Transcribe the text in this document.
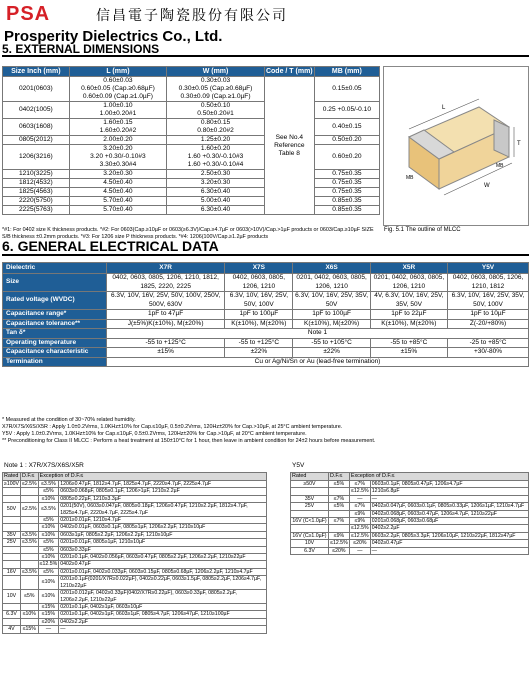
PSA	信昌電子陶瓷股份有限公司
Prosperity Dielectrics Co., Ltd.
5. EXTERNAL DIMENSIONS
Size Inch (mm)	L (mm)	W (mm)	Code / T (mm)	MB (mm)
0201(0603)	0.60±0.03
0.60±0.05 (Cap.≥0.68µF)
0.60±0.09 (Cap.≥1.0µF)	0.30±0.03
0.30±0.05 (Cap.≥0.68µF)
0.30±0.09 (Cap.≥1.0µF)	See No.4 Reference Table 8	0.15±0.05
0402(1005)	1.00±0.10
1.00±0.20#1	0.50±0.10
0.50±0.20#1		0.25 +0.05/-0.10
0603(1608)	1.60±0.15
1.60±0.20#2	0.80±0.15
0.80±0.20#2		0.40±0.15
0805(2012)	2.00±0.20	1.25±0.20		0.50±0.20
1206(3216)	3.20±0.20
3.20 +0.30/-0.10#3
3.30±0.30#4	1.60±0.20
1.60 +0.30/-0.10#3
1.60 +0.30/-0.10#4		0.60±0.20
1210(3225)	3.20±0.30	2.50±0.30		0.75±0.35
1812(4532)	4.50±0.40	3.20±0.30		0.75±0.35
1825(4563)	4.50±0.40	6.30±0.40		0.75±0.35
2220(5750)	5.70±0.40	5.00±0.40		0.85±0.35
2225(5763)	5.70±0.40	6.30±0.40		0.85±0.35
L
T
W
MB
MB
Fig. 5.1 The outline of MLCC
*#1: For 0402 size K thickness products. *#2: For 0603(Cap.≥10µF or 0603(≥6.3V)/Cap.≥4.7µF or 0603(>10V)/Cap.>1µF products or 0603/Cap.≥10µF SIZE S/B thickness ±0.2mm products. *#3: For 1206 size P thickness products. *#4: 1206(100V/Cap.≥1.2µF products
6. GENERAL ELECTRICAL DATA
Dielectric	X7R	X7S	X6S	X5R	Y5V
Size	0402, 0603, 0805, 1206, 1210, 1812, 1825, 2220, 2225	0402, 0603, 0805, 1206, 1210	0201, 0402, 0603, 0805, 1206, 1210	0201, 0402, 0603, 0805, 1206, 1210	0402, 0603, 0805, 1206, 1210, 1812
Rated voltage (WVDC)	6.3V, 10V, 16V, 25V, 50V, 100V, 250V, 500V, 630V	6.3V, 10V, 16V, 25V, 50V, 100V	6.3V, 10V, 16V, 25V, 35V, 50V	4V, 6.3V, 10V, 16V, 25V, 35V, 50V	6.3V, 10V, 16V, 25V, 35V, 50V, 100V
Capacitance range*	1pF to 47µF	1pF to 100µF	1pF to 100µF	1pF to 22µF	1pF to 10µF
Capacitance tolerance**	J(±5%)K(±10%), M(±20%)	K(±10%), M(±20%)	K(±10%), M(±20%)	K(±10%), M(±20%)	Z(-20/+80%)
Tan δ*	Note 1				
Operating temperature	-55 to +125°C	-55 to +125°C	-55 to +105°C	-55 to +85°C	-25 to +85°C
Capacitance characteristic	±15%	±22%	±22%	±15%	+30/-80%
Termination	Cu or Ag/Ni/Sn or Au (lead-free termination)				
* Measured at the condition of 30~70% related humidity.
X7R/X7S/X6S/X5R : Apply 1.0±0.2Vrms, 1.0KHz±10% for Cap.≤10µF, 0.5±0.2Vrms, 120Hz±20% for Cap.>10µF, at 25°C ambient temperature.
Y5V : Apply 1.0±0.2Vrms, 1.0KHz±10% for Cap.≤10µF, 0.5±0.2Vrms, 120Hz±20% for Cap.>10µF, at 20°C ambient temperature.
** Preconditioning for Class II MLCC : Perform a heat treatment at 150±10°C for 1 hour, then leave in ambient condition for 24±2 hours before measurement.
Note 1 : X7R/X7S/X6S/X5R	Y5V
Rated	D.F.≤	Exception of D.F.≤	
≥100V	≤2.5%	≤3.5%	1206≥0.47µF, 1812≥4.7µF, 1825≥4.7µF, 2220≥4.7µF, 2225≥4.7µF
		≤5%	0603≥0.068µF, 0805≥0.1µF, 1206>1µF, 1210≥2.2µF
		≤10%	0805≥0.22µF, 1210≥3.3µF
50V	≤2.5%	≤3.5%	0201(50V), 0603≥0.047µF, 0805≥0.18µF, 1206≥0.47µF, 1210≥2.2µF, 1812≥4.7µF, 1825≥4.7µF, 2220≥4.7µF, 2225≥4.7µF
		≤5%	0201≥0.01µF, 1210≥4.7µF
		≤10%	0402≥0.01µF, 0603≥0.1µF, 0805≥1µF, 1206≥2.2µF, 1210≥10µF
35V	≤3.5%	≤10%	0603≥1µF, 0805≥2.2µF, 1206≥2.2µF, 1210≥10µF
25V	≤3.5%	≤5%	0201≥0.01µF, 0805≥1µF, 1210≥10µF
		≤5%	0603≥0.33µF
		≤10%	0201≥0.1µF, 0402≥0.056µF, 0603≥0.47µF, 0805≥2.2µF, 1206≥2.2µF, 1210≥22µF
		≤12.5%	0402≥0.47µF
16V	≤3.5%	≤5%	0201≥0.01µF, 0402≥0.033µF, 0603≥0.15µF, 0805≥0.68µF, 1206≥2.2µF, 1210≥4.7µF
		≤10%	0201≥0.1µF(0201/X7R≥0.022µF), 0402≥0.22µF, 0603≥1.5µF, 0805≥2.2µF, 1206≥4.7µF, 1210≥22µF
10V	≤5%	≤10%	0201≥0.012µF, 0402≥0.33µF(0402/X7R≥0.22µF), 0603≥0.33µF, 0805≥2.2µF, 1206≥2.2µF, 1210≥22µF
		≤15%	0201≥0.1µF, 0402≥1µF, 0603≥10µF
6.3V	≤10%	≤15%	0201≥0.1µF, 0402≥1µF, 0603≥1µF, 0805≥4.7µF, 1206≥47µF, 1210≥100µF
		≤20%	0402≥2.2µF
4V	≤15%	—	—
Rated	D.F.≤	Exception of D.F.≤	
≥50V	≤5%	≤7%	0603≥0.1µF, 0805≥0.47µF, 1206≥4.7µF
		≤12.5%	1210≥6.8µF
35V	≤7%	—	—
25V	≤5%	≤7%	0402≥0.047µF, 0603≥0.1µF, 0805≥0.33µF, 1206≥1µF, 1210≥4.7µF
		≤9%	0402≥0.068µF, 0603≥0.47µF, 1206≥4.7µF, 1210≥22µF
16V (C<1.0µF)	≤7%	≤9%	0201≥0.068µF, 0603≥0.68µF
		≤12.5%	0402≥2.2µF
16V (C≥1.0µF)	≤9%	≤12.5%	0603≥2.2µF, 0805≥3.3µF, 1206≥10µF, 1210≥22µF, 1812≥47µF
10V	≤12.5%	≤20%	0402≥0.47µF
6.3V	≤20%	—	—
